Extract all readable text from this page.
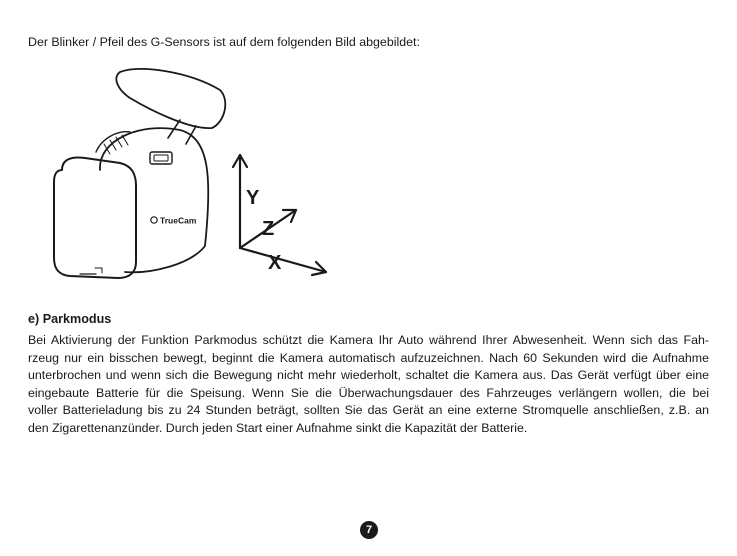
Der Blinker / Pfeil des G-Sensors ist auf dem folgenden Bild abgebildet:
TrueCam
Y
Z
X
e) Parkmodus
Bei Aktivierung der Funktion Parkmodus schützt die Kamera Ihr Auto während Ihrer Abwesenheit. Wenn sich das Fah-
rzeug nur ein bisschen bewegt, beginnt die Kamera automatisch aufzuzeichnen. Nach 60 Sekunden wird die Aufnahme
unterbrochen und wenn sich die Bewegung nicht mehr wiederholt, schaltet die Kamera aus. Das Gerät verfügt über eine
eingebaute Batterie für die Speisung. Wenn Sie die Überwachungsdauer des Fahrzeuges verlängern wollen, die bei
voller Batterieladung bis zu 24 Stunden beträgt, sollten Sie das Gerät an eine externe Stromquelle anschließen, z.B. an
den Zigarettenanzünder. Durch jeden Start einer Aufnahme sinkt die Kapazität der Batterie.
7
